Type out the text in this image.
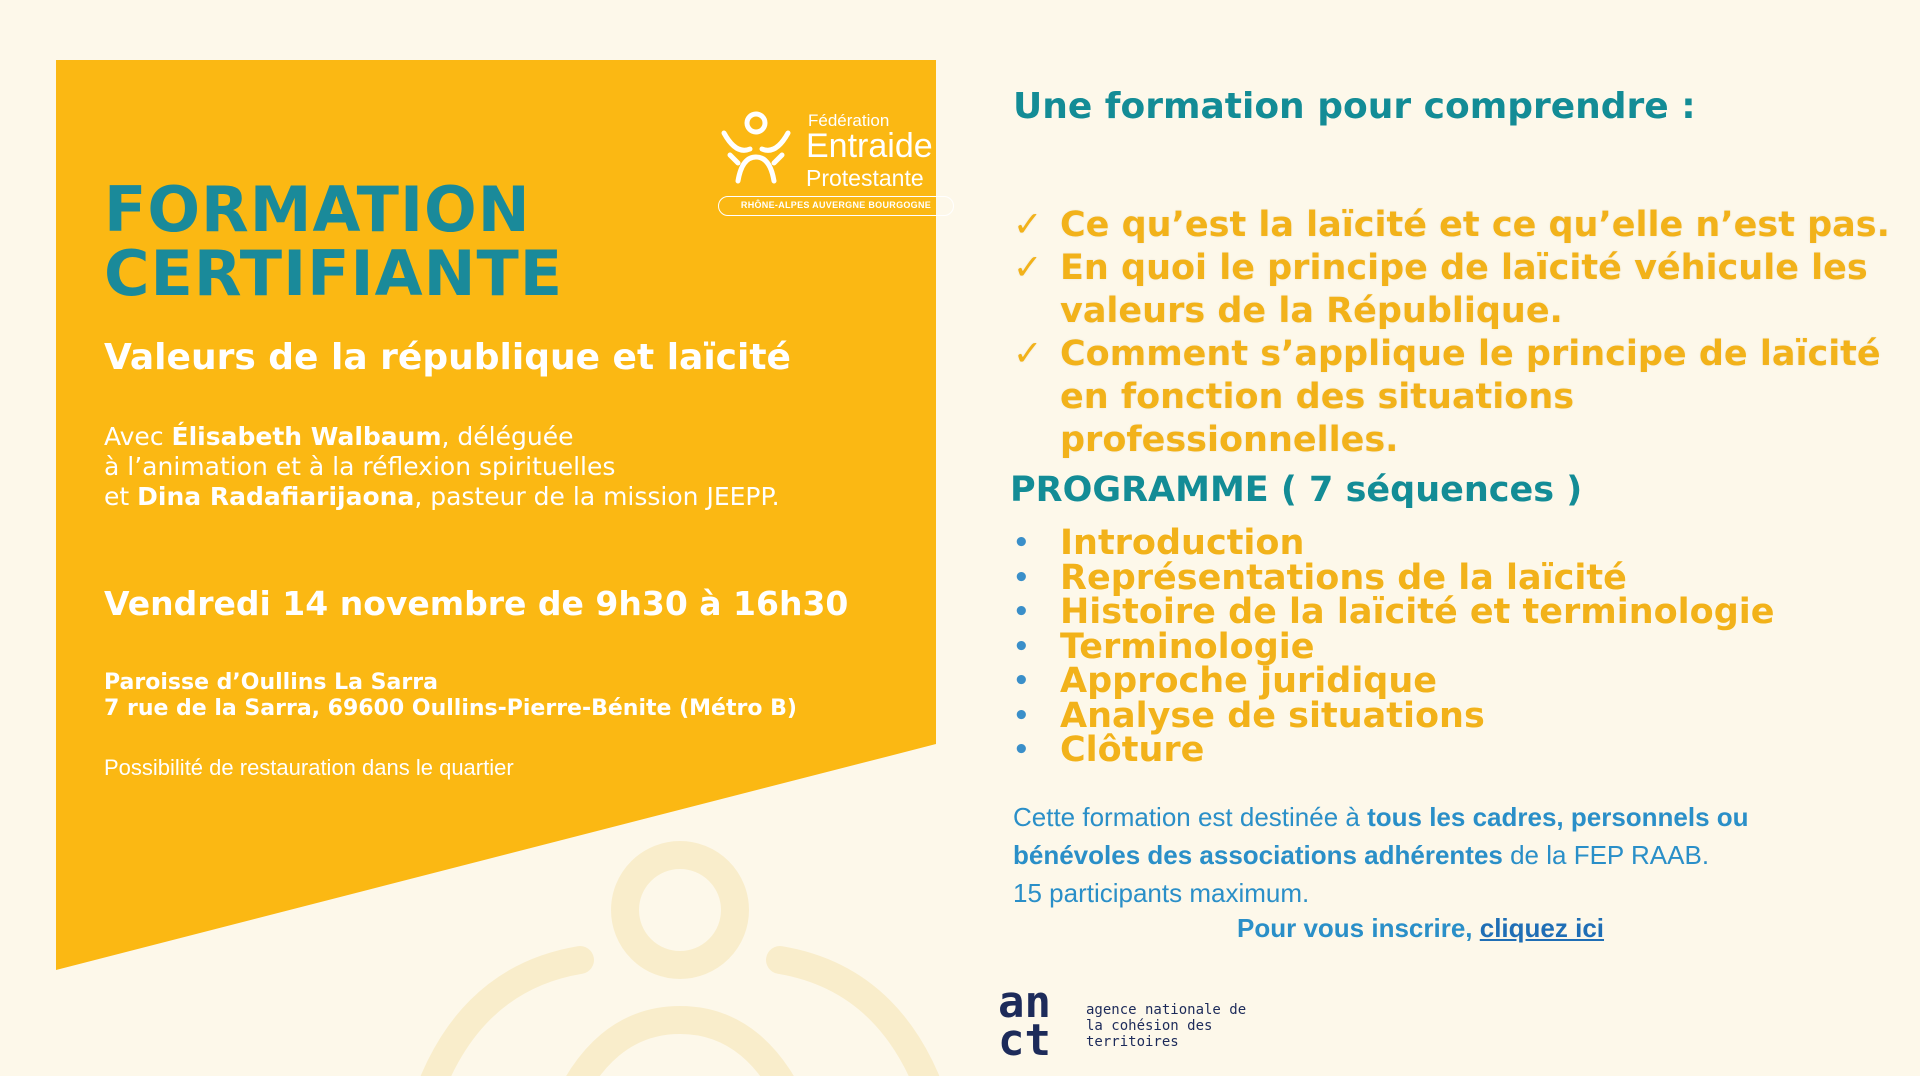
Fédération
Entraide
Protestante
RHÔNE-ALPES AUVERGNE BOURGOGNE
FORMATION
CERTIFIANTE
Valeurs de la république et laïcité
Avec Élisabeth Walbaum, déléguée
à l’animation et à la réflexion spirituelles
et Dina Radafiarijaona, pasteur de la mission JEEPP.
Vendredi 14 novembre de 9h30 à 16h30
Paroisse d’Oullins La Sarra
7 rue de la Sarra, 69600 Oullins-Pierre-Bénite (Métro B)
Possibilité de restauration dans le quartier
Une formation pour comprendre :
✓ Ce qu’est la laïcité et ce qu’elle n’est pas.
✓ En quoi le principe de laïcité véhicule les valeurs de la République.
✓ Comment s’applique le principe de laïcité en fonction des situations professionnelles.
PROGRAMME ( 7 séquences )
• Introduction
• Représentations de la laïcité
• Histoire de la laïcité et terminologie
• Terminologie
• Approche juridique
• Analyse de situations
• Clôture
Cette formation est destinée à tous les cadres, personnels ou bénévoles des associations adhérentes de la FEP RAAB.
15 participants maximum.
Pour vous inscrire, cliquez ici
an
ct
agence nationale de la cohésion des territoires
